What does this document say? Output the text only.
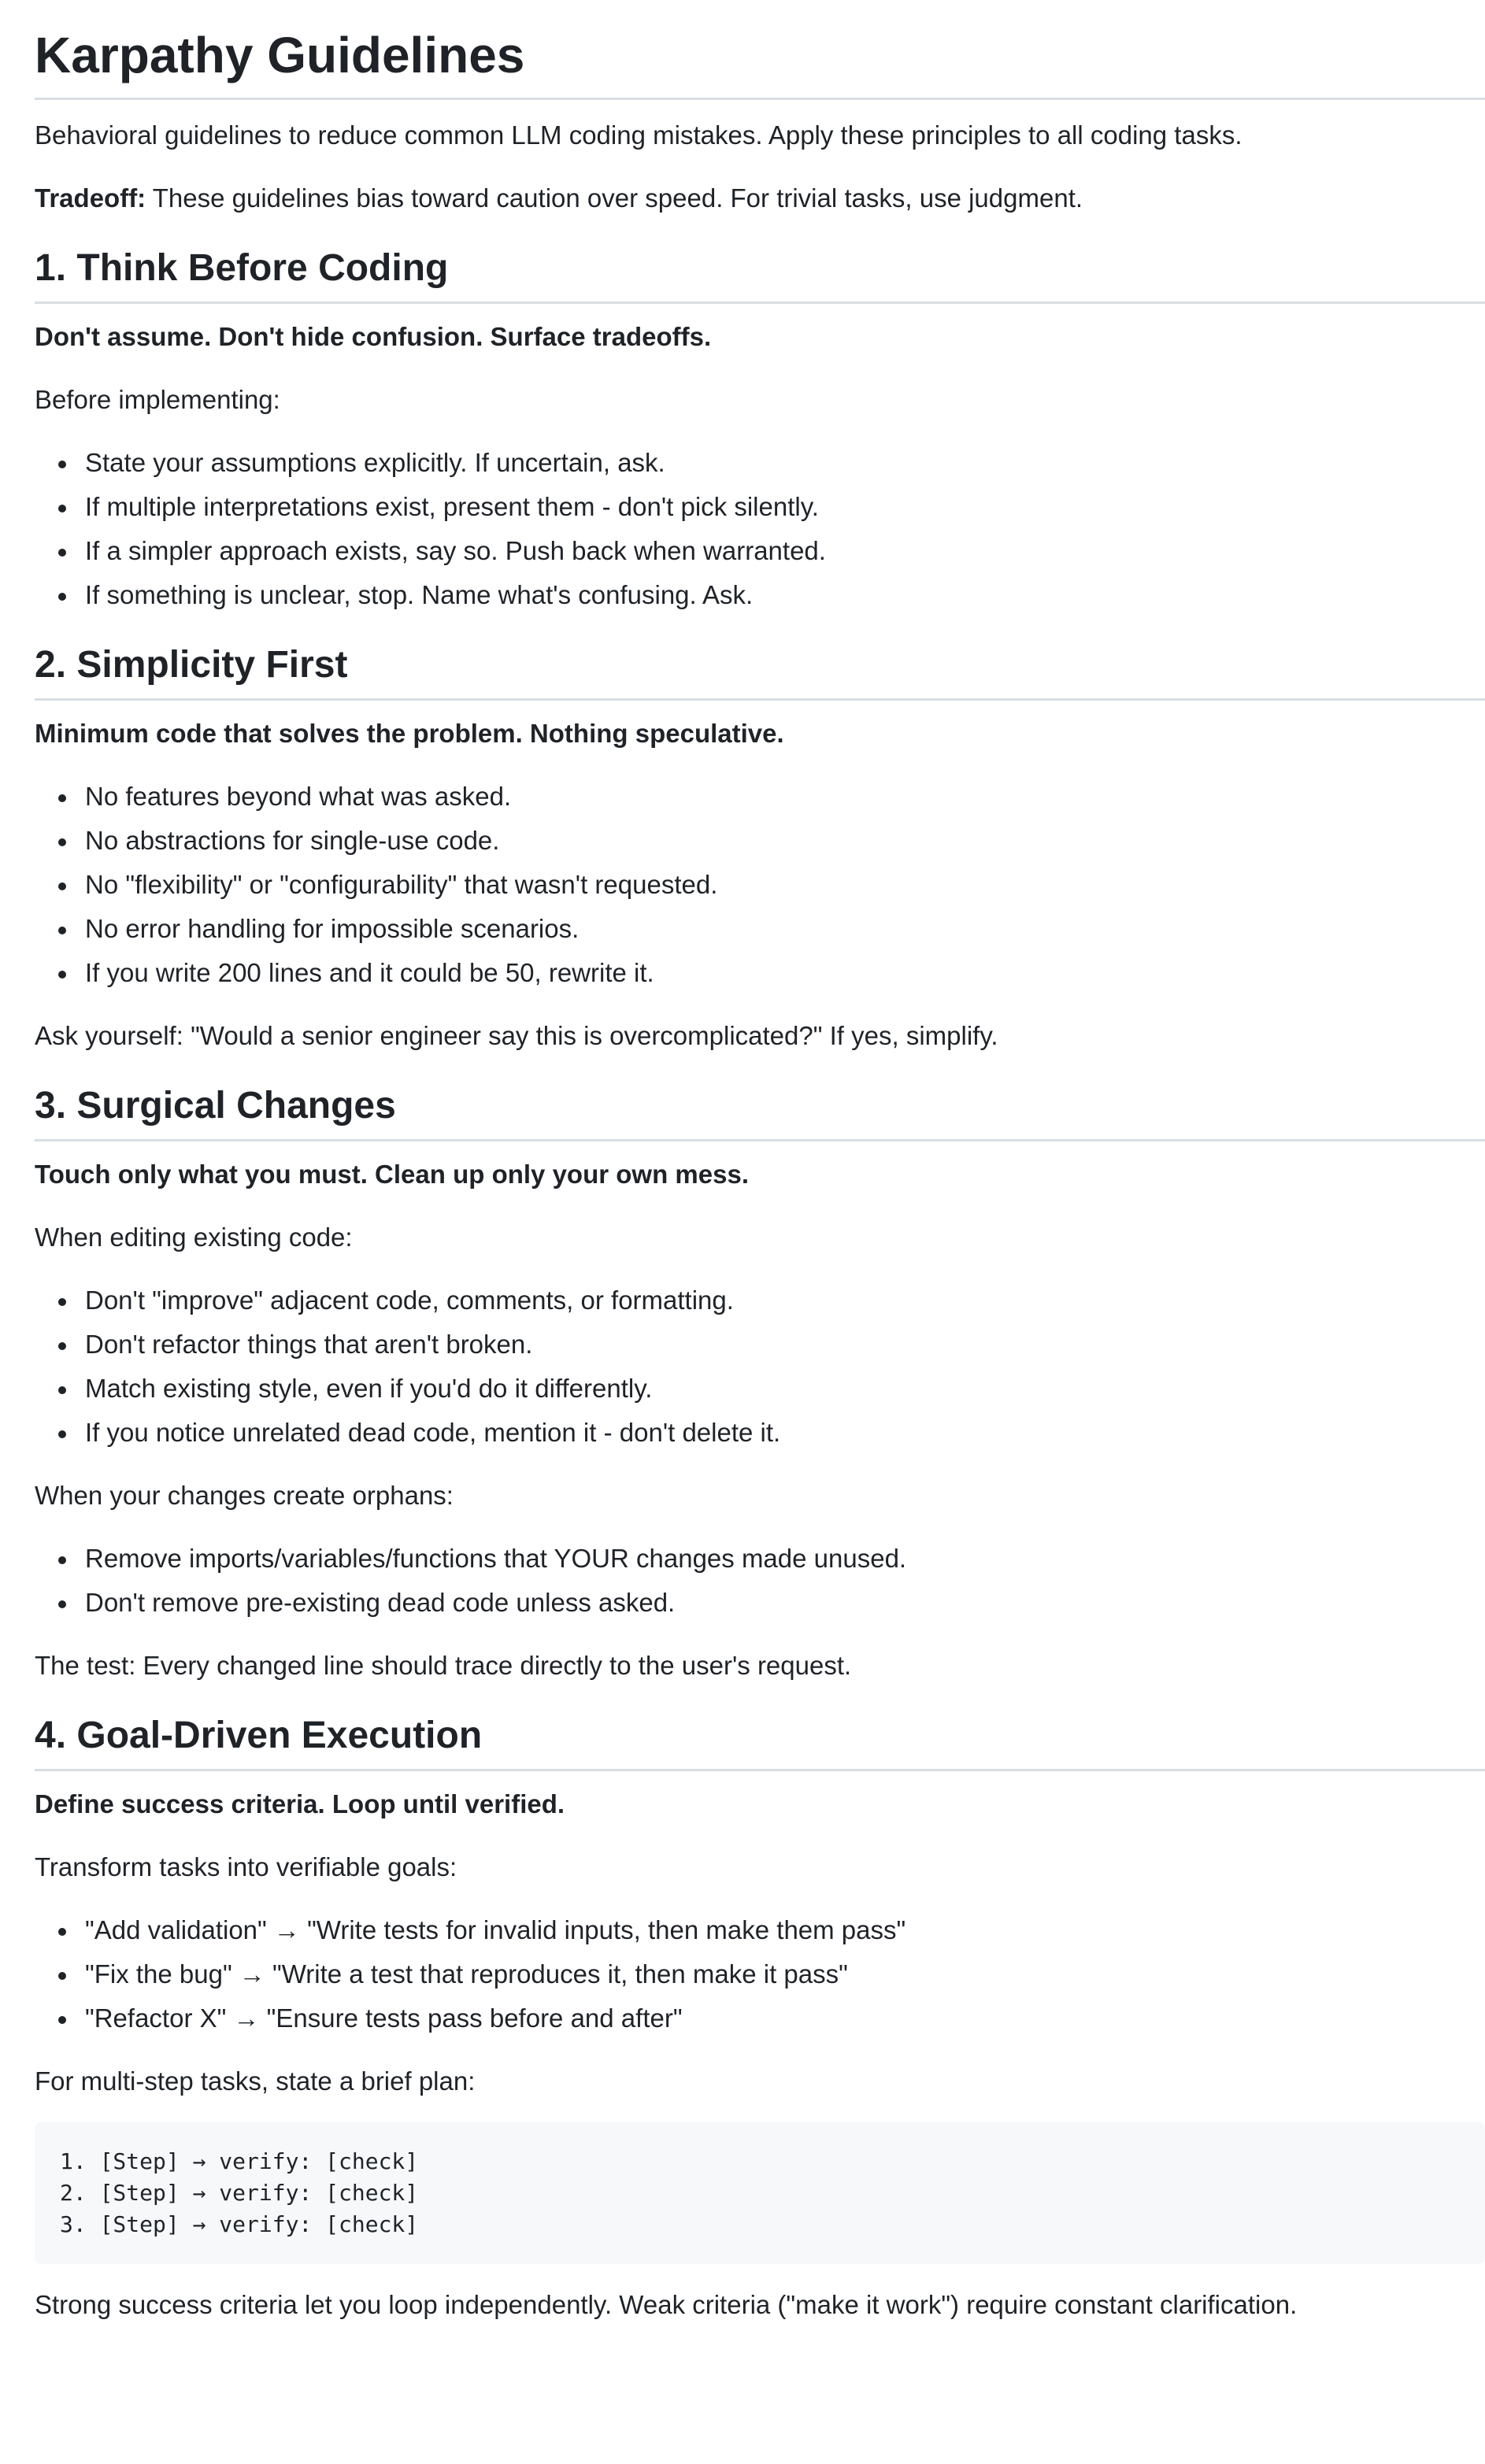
Karpathy Guidelines

Behavioral guidelines to reduce common LLM coding mistakes. Apply these principles to all coding tasks.

Tradeoff: These guidelines bias toward caution over speed. For trivial tasks, use judgment.

1. Think Before Coding

Don't assume. Don't hide confusion. Surface tradeoffs.

Before implementing:

State your assumptions explicitly. If uncertain, ask.
If multiple interpretations exist, present them - don't pick silently.
If a simpler approach exists, say so. Push back when warranted.
If something is unclear, stop. Name what's confusing. Ask.
2. Simplicity First

Minimum code that solves the problem. Nothing speculative.

No features beyond what was asked.
No abstractions for single-use code.
No "flexibility" or "configurability" that wasn't requested.
No error handling for impossible scenarios.
If you write 200 lines and it could be 50, rewrite it.

Ask yourself: "Would a senior engineer say this is overcomplicated?" If yes, simplify.

3. Surgical Changes

Touch only what you must. Clean up only your own mess.

When editing existing code:

Don't "improve" adjacent code, comments, or formatting.
Don't refactor things that aren't broken.
Match existing style, even if you'd do it differently.
If you notice unrelated dead code, mention it - don't delete it.

When your changes create orphans:

Remove imports/variables/functions that YOUR changes made unused.
Don't remove pre-existing dead code unless asked.

The test: Every changed line should trace directly to the user's request.

4. Goal-Driven Execution

Define success criteria. Loop until verified.

Transform tasks into verifiable goals:

"Add validation" → "Write tests for invalid inputs, then make them pass"
"Fix the bug" → "Write a test that reproduces it, then make it pass"
"Refactor X" → "Ensure tests pass before and after"

For multi-step tasks, state a brief plan:

1. [Step] → verify: [check]
2. [Step] → verify: [check]
3. [Step] → verify: [check]

Strong success criteria let you loop independently. Weak criteria ("make it work") require constant clarification.
